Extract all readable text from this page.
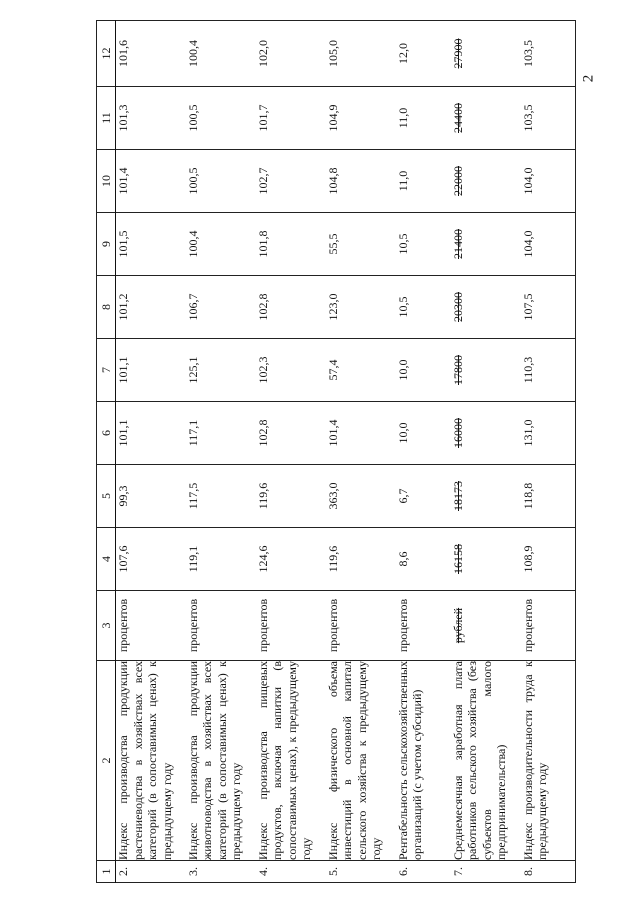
2
1	2	3	4	5	6	7	8	9	10	11	12
2.	Индекс производства продукции растениеводства в хозяйствах всех категорий (в сопоставимых ценах) к предыдущему году	процентов	107,6	99,3	101,1	101,1	101,2	101,5	101,4	101,3	101,6
3.	Индекс производства продукции животноводства в хозяйствах всех категорий (в сопоставимых ценах) к предыдущему году	процентов	119,1	117,5	117,1	125,1	106,7	100,4	100,5	100,5	100,4
4.	Индекс производства пищевых продуктов, включая напитки (в сопоставимых ценах), к предыдущему году	процентов	124,6	119,6	102,8	102,3	102,8	101,8	102,7	101,7	102,0
5.	Индекс физического объема инвестиций в основной капитал сельского хозяйства к предыдущему году	процентов	119,6	363,0	101,4	57,4	123,0	55,5	104,8	104,9	105,0
6.	Рентабельность сельскохозяйственных организаций (с учетом субсидий)	процентов	8,6	6,7	10,0	10,0	10,5	10,5	11,0	11,0	12,0
7.	Среднемесячная заработная плата работников сельского хозяйства (без субъектов малого предпринимательства)	рублей	16158	18173	16000	17800	20300	21400	22000	24400	27900
8.	Индекс производительности труда к предыдущему году	процентов	108,9	118,8	131,0	110,3	107,5	104,0	104,0	103,5	103,5
